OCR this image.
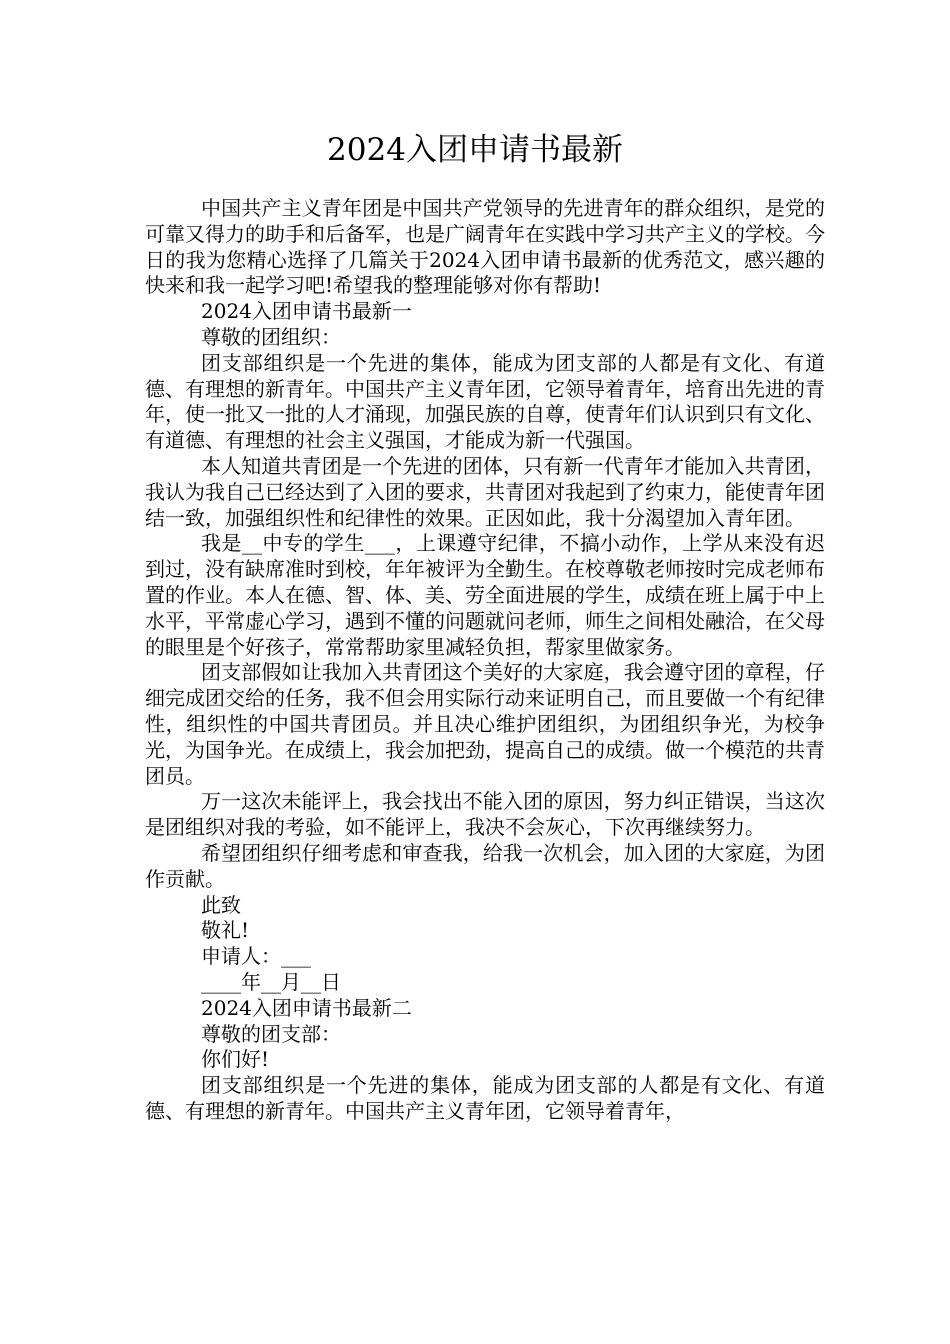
2024入团申请书最新

中国共产主义青年团是中国共产党领导的先进青年的群众组织，是党的可靠又得力的助手和后备军，也是广阔青年在实践中学习共产主义的学校。今日的我为您精心选择了几篇关于2024入团申请书最新的优秀范文，感兴趣的快来和我一起学习吧!希望我的整理能够对你有帮助!

2024入团申请书最新一

尊敬的团组织：

团支部组织是一个先进的集体，能成为团支部的人都是有文化、有道德、有理想的新青年。中国共产主义青年团，它领导着青年，培育出先进的青年，使一批又一批的人才涌现，加强民族的自尊，使青年们认识到只有文化、有道德、有理想的社会主义强国，才能成为新一代强国。

本人知道共青团是一个先进的团体，只有新一代青年才能加入共青团，我认为我自己已经达到了入团的要求，共青团对我起到了约束力，能使青年团结一致，加强组织性和纪律性的效果。正因如此，我十分渴望加入青年团。

我是__中专的学生___，上课遵守纪律，不搞小动作，上学从来没有迟到过，没有缺席准时到校，年年被评为全勤生。在校尊敬老师按时完成老师布置的作业。本人在德、智、体、美、劳全面进展的学生，成绩在班上属于中上水平，平常虚心学习，遇到不懂的问题就问老师，师生之间相处融洽，在父母的眼里是个好孩子，常常帮助家里减轻负担，帮家里做家务。

团支部假如让我加入共青团这个美好的大家庭，我会遵守团的章程，仔细完成团交给的任务，我不但会用实际行动来证明自己，而且要做一个有纪律性，组织性的中国共青团员。并且决心维护团组织，为团组织争光，为校争光，为国争光。在成绩上，我会加把劲，提高自己的成绩。做一个模范的共青团员。

万一这次未能评上，我会找出不能入团的原因，努力纠正错误，当这次是团组织对我的考验，如不能评上，我决不会灰心，下次再继续努力。

希望团组织仔细考虑和审查我，给我一次机会，加入团的大家庭，为团作贡献。

此致

敬礼!

申请人：___

____年__月__日

2024入团申请书最新二

尊敬的团支部：

你们好!

团支部组织是一个先进的集体，能成为团支部的人都是有文化、有道德、有理想的新青年。中国共产主义青年团，它领导着青年，
